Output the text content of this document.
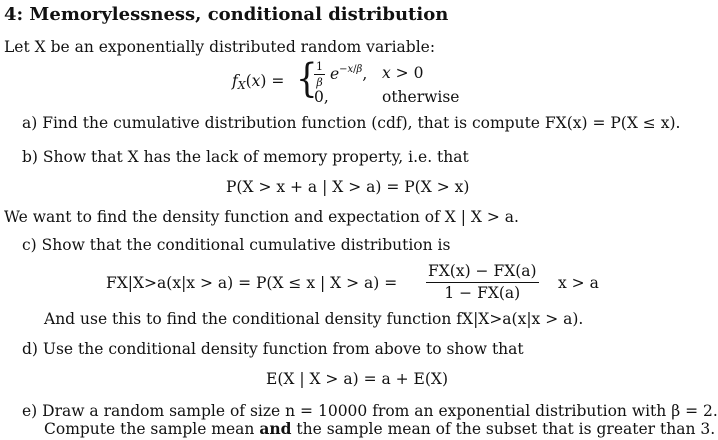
4: Memorylessness, conditional distribution
Let X be an exponentially distributed random variable:
$f_X(x)$ = {
$\frac{1}{\beta} e^{-x/\beta}$, x > 0
0,	otherwise
a) Find the cumulative distribution function (cdf), that is compute FX(x) = P(X ≤ x).
b) Show that X has the lack of memory property, i.e. that
P(X > x + a | X > a) = P(X > x)
We want to find the density function and expectation of X | X > a.
c) Show that the conditional cumulative distribution is
FX|X>a(x|x > a) = P(X ≤ x | $X > a) = \frac{FX(x) - FX(a)}{1 - FX(a)}$ x > a
And use this to find the conditional density function fX|X>a(x|x > a).
d) Use the conditional density function from above to show that
E(X | X > a) = a + E(X)
e) Draw a random sample of size n = 10000 from an exponential distribution with β = 2.
Compute the sample mean and the sample mean of the subset that is greater than 3.
